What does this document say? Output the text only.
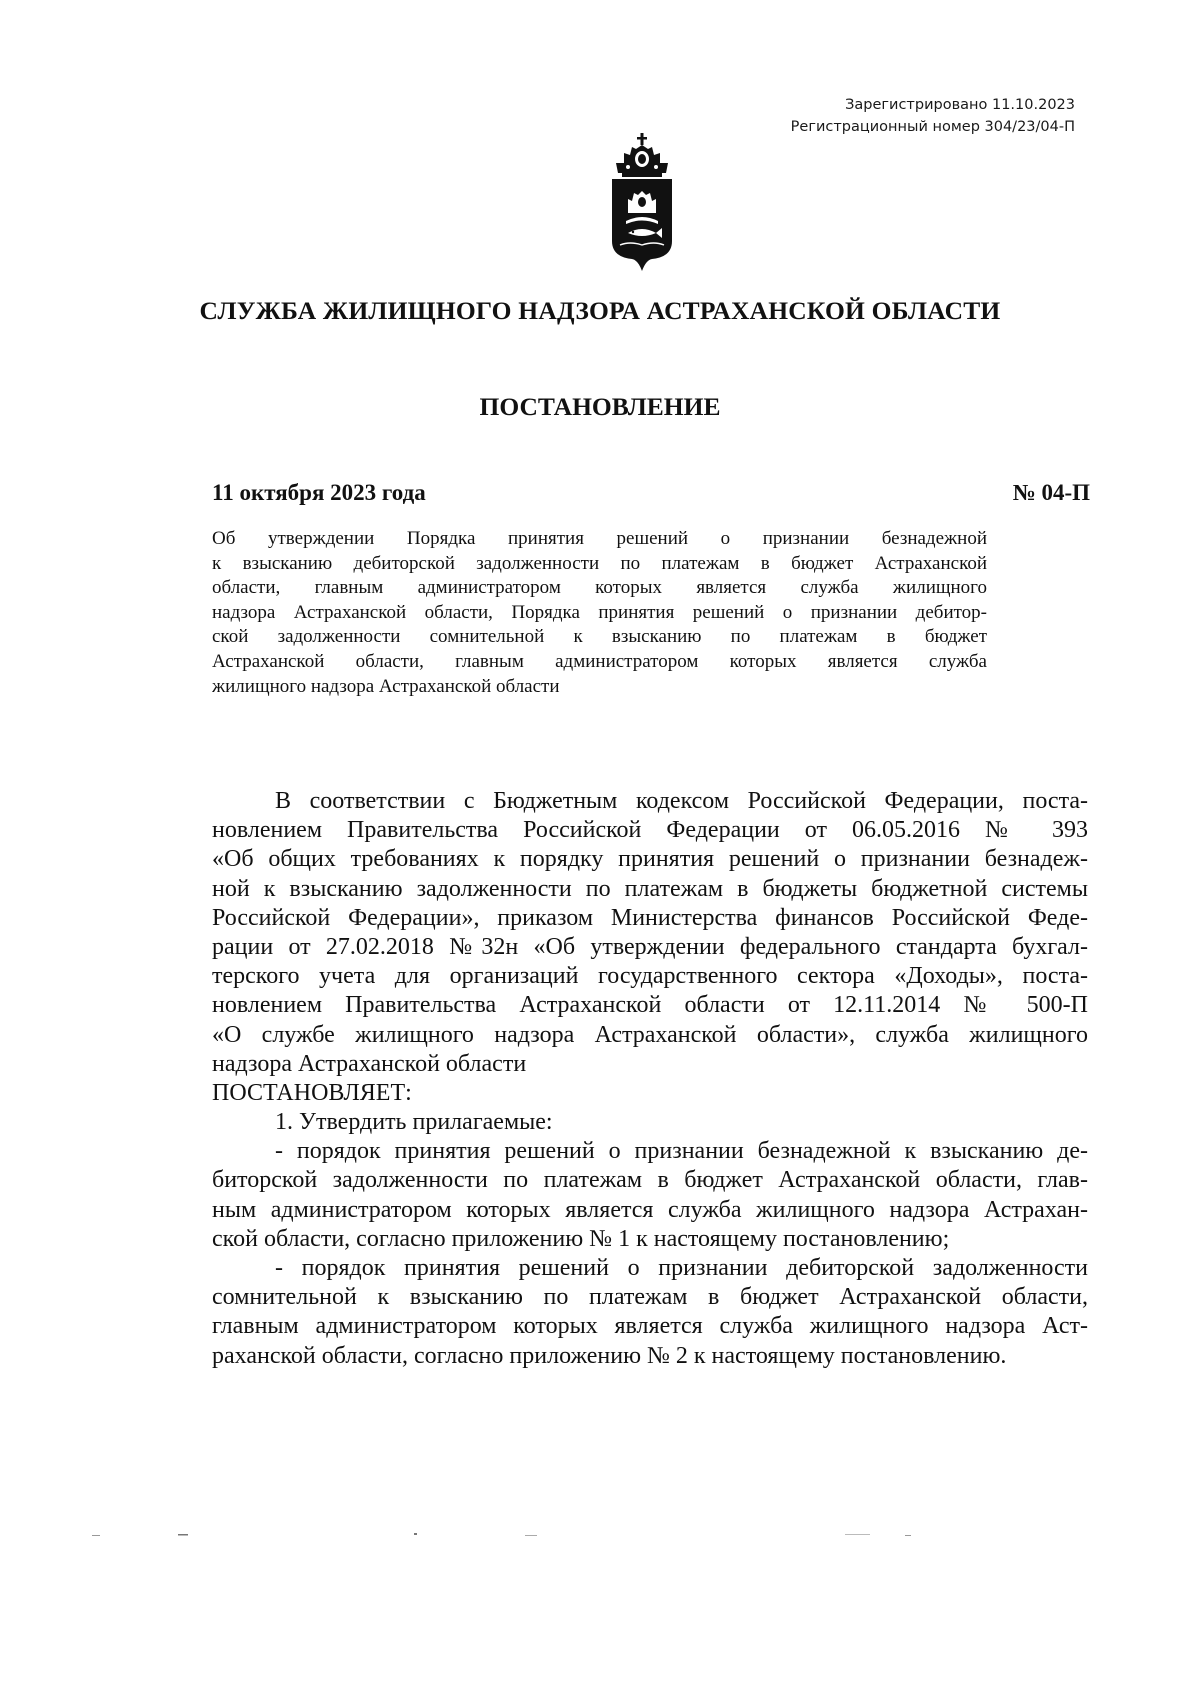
Зарегистрировано 11.10.2023
Регистрационный номер 304/23/04-П
СЛУЖБА ЖИЛИЩНОГО НАДЗОРА АСТРАХАНСКОЙ ОБЛАСТИ
ПОСТАНОВЛЕНИЕ
11 октября 2023 года	№ 04-П
Об утверждении Порядка принятия решений о признании безнадежной
к взысканию дебиторской задолженности по платежам в бюджет Астраханской
области, главным администратором которых является служба жилищного
надзора Астраханской области, Порядка принятия решений о признании дебитор-
ской задолженности сомнительной к взысканию по платежам в бюджет
Астраханской области, главным администратором которых является служба
жилищного надзора Астраханской области
В соответствии с Бюджетным кодексом Российской Федерации, поста-
новлением Правительства Российской Федерации от 06.05.2016 № 393
«Об общих требованиях к порядку принятия решений о признании безнадеж-
ной к взысканию задолженности по платежам в бюджеты бюджетной системы
Российской Федерации», приказом Министерства финансов Российской Феде-
рации от 27.02.2018 №32н «Об утверждении федерального стандарта бухгал-
терского учета для организаций государственного сектора «Доходы», поста-
новлением Правительства Астраханской области от 12.11.2014 № 500-П
«О службе жилищного надзора Астраханской области», служба жилищного
надзора Астраханской области
ПОСТАНОВЛЯЕТ:
1. Утвердить прилагаемые:
- порядок принятия решений о признании безнадежной к взысканию де-
биторской задолженности по платежам в бюджет Астраханской области, глав-
ным администратором которых является служба жилищного надзора Астрахан-
ской области, согласно приложению № 1 к настоящему постановлению;
- порядок принятия решений о признании дебиторской задолженности
сомнительной к взысканию по платежам в бюджет Астраханской области,
главным администратором которых является служба жилищного надзора Аст-
раханской области, согласно приложению № 2 к настоящему постановлению.
